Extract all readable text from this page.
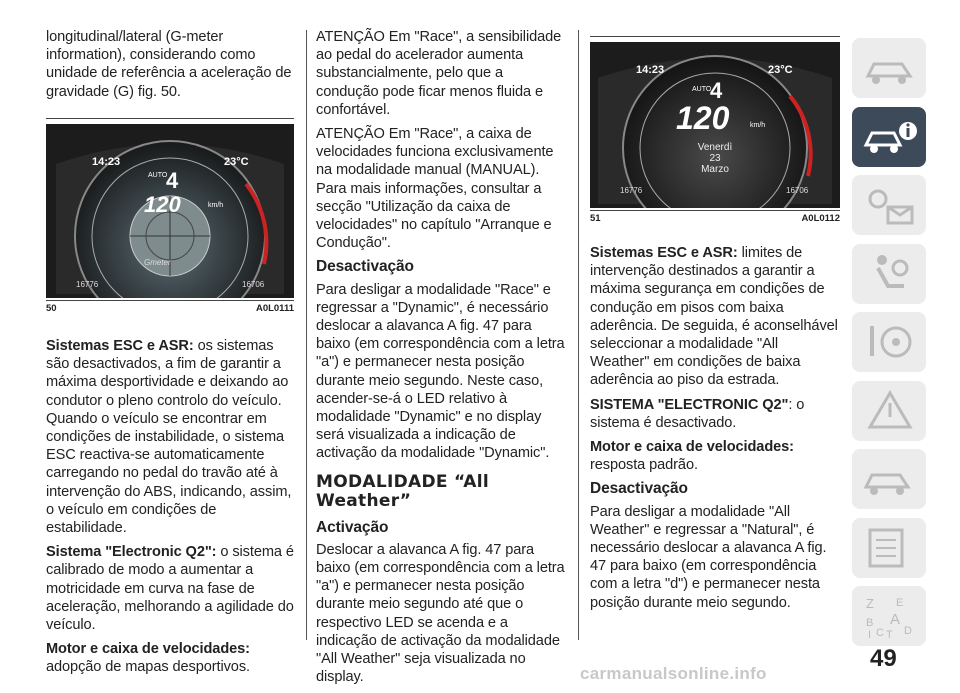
longitudinal/lateral (G-meter information), considerando como unidade de referência a aceleração de gravidade (G) fig. 50.

14:23	23°C
AUTO
4
120	km/h
Gmeter
16776	16706
50	A0L0111

Sistemas ESC e ASR: os sistemas são desactivados, a fim de garantir a máxima desportividade e deixando ao condutor o pleno controlo do veículo. Quando o veículo se encontrar em condições de instabilidade, o sistema ESC reactiva-se automaticamente carregando no pedal do travão até à intervenção do ABS, indicando, assim, o veículo em condições de estabilidade.

Sistema "Electronic Q2": o sistema é calibrado de modo a aumentar a motricidade em curva na fase de aceleração, melhorando a agilidade do veículo.

Motor e caixa de velocidades: adopção de mapas desportivos.

ATENÇÃO Em "Race", a sensibilidade ao pedal do acelerador aumenta substancialmente, pelo que a condução pode ficar menos fluida e confortável.

ATENÇÃO Em "Race", a caixa de velocidades funciona exclusivamente na modalidade manual (MANUAL). Para mais informações, consultar a secção "Utilização da caixa de velocidades" no capítulo "Arranque e Condução".

Desactivação

Para desligar a modalidade "Race" e regressar a "Dynamic", é necessário deslocar a alavanca A fig. 47 para baixo (em correspondência com a letra "a") e permanecer nesta posição durante meio segundo. Neste caso, acender-se-á o LED relativo à modalidade "Dynamic" e no display será visualizada a indicação de activação da modalidade "Dynamic".

MODALIDADE “All Weather”
Activação

Deslocar a alavanca A fig. 47 para baixo (em correspondência com a letra "a") e permanecer nesta posição durante meio segundo até que o respectivo LED se acenda e a indicação de activação da modalidade "All Weather" seja visualizada no display.

14:23	23°C
AUTO
4
120	km/h
Venerdì
23
Marzo
16776	16706
51	A0L0112

Sistemas ESC e ASR: limites de intervenção destinados a garantir a máxima segurança em condições de condução em pisos com baixa aderência. De seguida, é aconselhável seleccionar a modalidade "All Weather" em condições de baixa aderência ao piso da estrada.

SISTEMA "ELECTRONIC Q2": o sistema é desactivado.

Motor e caixa de velocidades: resposta padrão.

Desactivação

Para desligar a modalidade "All Weather" e regressar a "Natural", é necessário deslocar a alavanca A fig. 47 para baixo (em correspondência com a letra "d") e permanecer nesta posição durante meio segundo.	Z E
B A
I C T D
49
carmanualsonline.info
